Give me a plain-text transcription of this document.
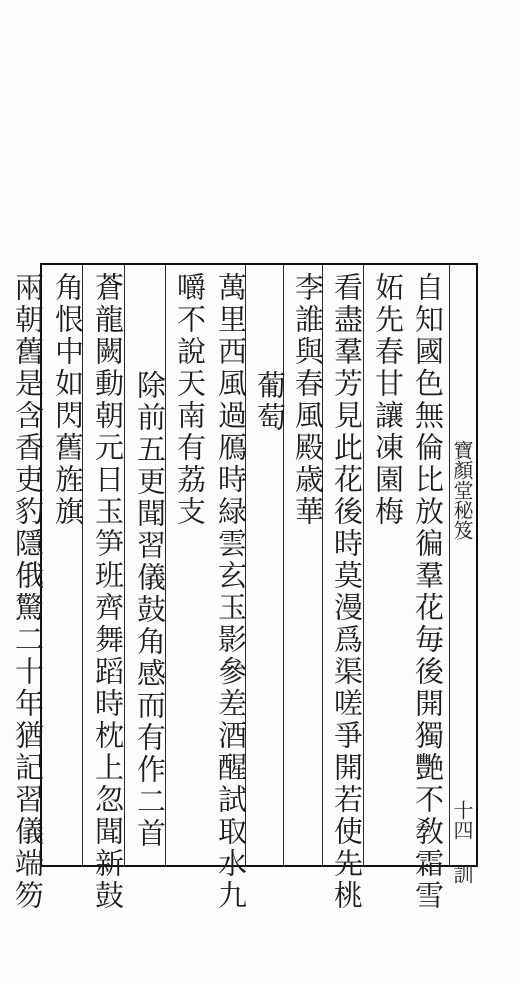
寶顏堂秘笈
十四 訓
自知國色無倫比放徧羣花毎後開獨艷不敎霜雪
妬先春甘讓凍園梅
看盡羣芳見此花後時莫漫爲渠嗟爭開若使先桃
李誰與春風殿歳華
葡萄
萬里西風過鴈時緑雲玄玉影參差酒醒試取水九
嚼不說天南有荔支
除前五更聞習儀鼓角感而有作二首
蒼龍闕動朝元日玉笋班齊舞蹈時枕上忽聞新鼓
角恨中如閃舊旌旗
兩朝舊是含香吏豹隱俄驚二十年猶記習儀端笏
